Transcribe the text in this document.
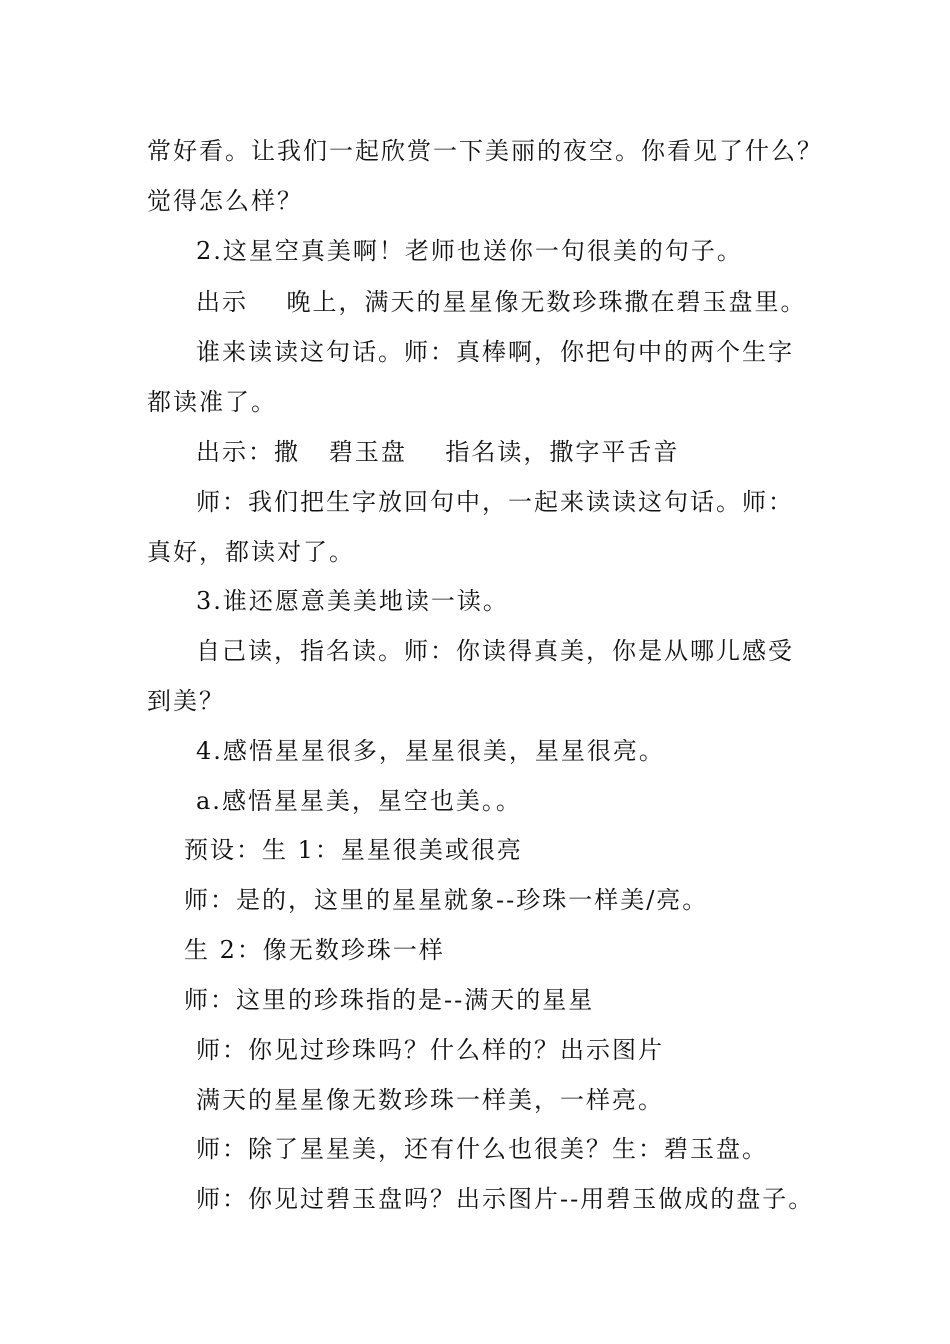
常好看。让我们一起欣赏一下美丽的夜空。你看见了什么？
觉得怎么样？
2.这星空真美啊！老师也送你一句很美的句子。
出示    晚上，满天的星星像无数珍珠撒在碧玉盘里。
谁来读读这句话。师：真棒啊，你把句中的两个生字
都读准了。
出示：撒   碧玉盘    指名读，撒字平舌音
师：我们把生字放回句中，一起来读读这句话。师：
真好，都读对了。
3.谁还愿意美美地读一读。
自己读，指名读。师：你读得真美，你是从哪儿感受
到美？
4.感悟星星很多，星星很美，星星很亮。
a.感悟星星美，星空也美。。
预设：生 1：星星很美或很亮
师：是的，这里的星星就象--珍珠一样美/亮。
生 2：像无数珍珠一样
师：这里的珍珠指的是--满天的星星
师：你见过珍珠吗？什么样的？出示图片
满天的星星像无数珍珠一样美，一样亮。
师：除了星星美，还有什么也很美？生：碧玉盘。
师：你见过碧玉盘吗？出示图片--用碧玉做成的盘子。
